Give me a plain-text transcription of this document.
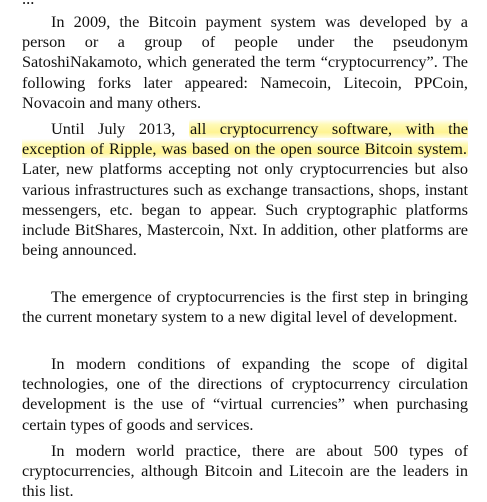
In 2009, the Bitcoin payment system was developed by a person or a group of people under the pseudonym SatoshiNakamoto, which generated the term “cryptocurrency”. The following forks later appeared: Namecoin, Litecoin, PPCoin, Novacoin and many others.

Until July 2013, all cryptocurrency software, with the exception of Ripple, was based on the open source Bitcoin system. Later, new platforms accepting not only cryptocurrencies but also various infrastructures such as exchange transactions, shops, instant messengers, etc. began to appear. Such cryptographic platforms include BitShares, Mastercoin, Nxt. In addition, other platforms are being announced.

The emergence of cryptocurrencies is the first step in bringing the current monetary system to a new digital level of development.

In modern conditions of expanding the scope of digital technologies, one of the directions of cryptocurrency circulation development is the use of “virtual currencies” when purchasing certain types of goods and services.

In modern world practice, there are about 500 types of cryptocurrencies, although Bitcoin and Litecoin are the leaders in this list.
